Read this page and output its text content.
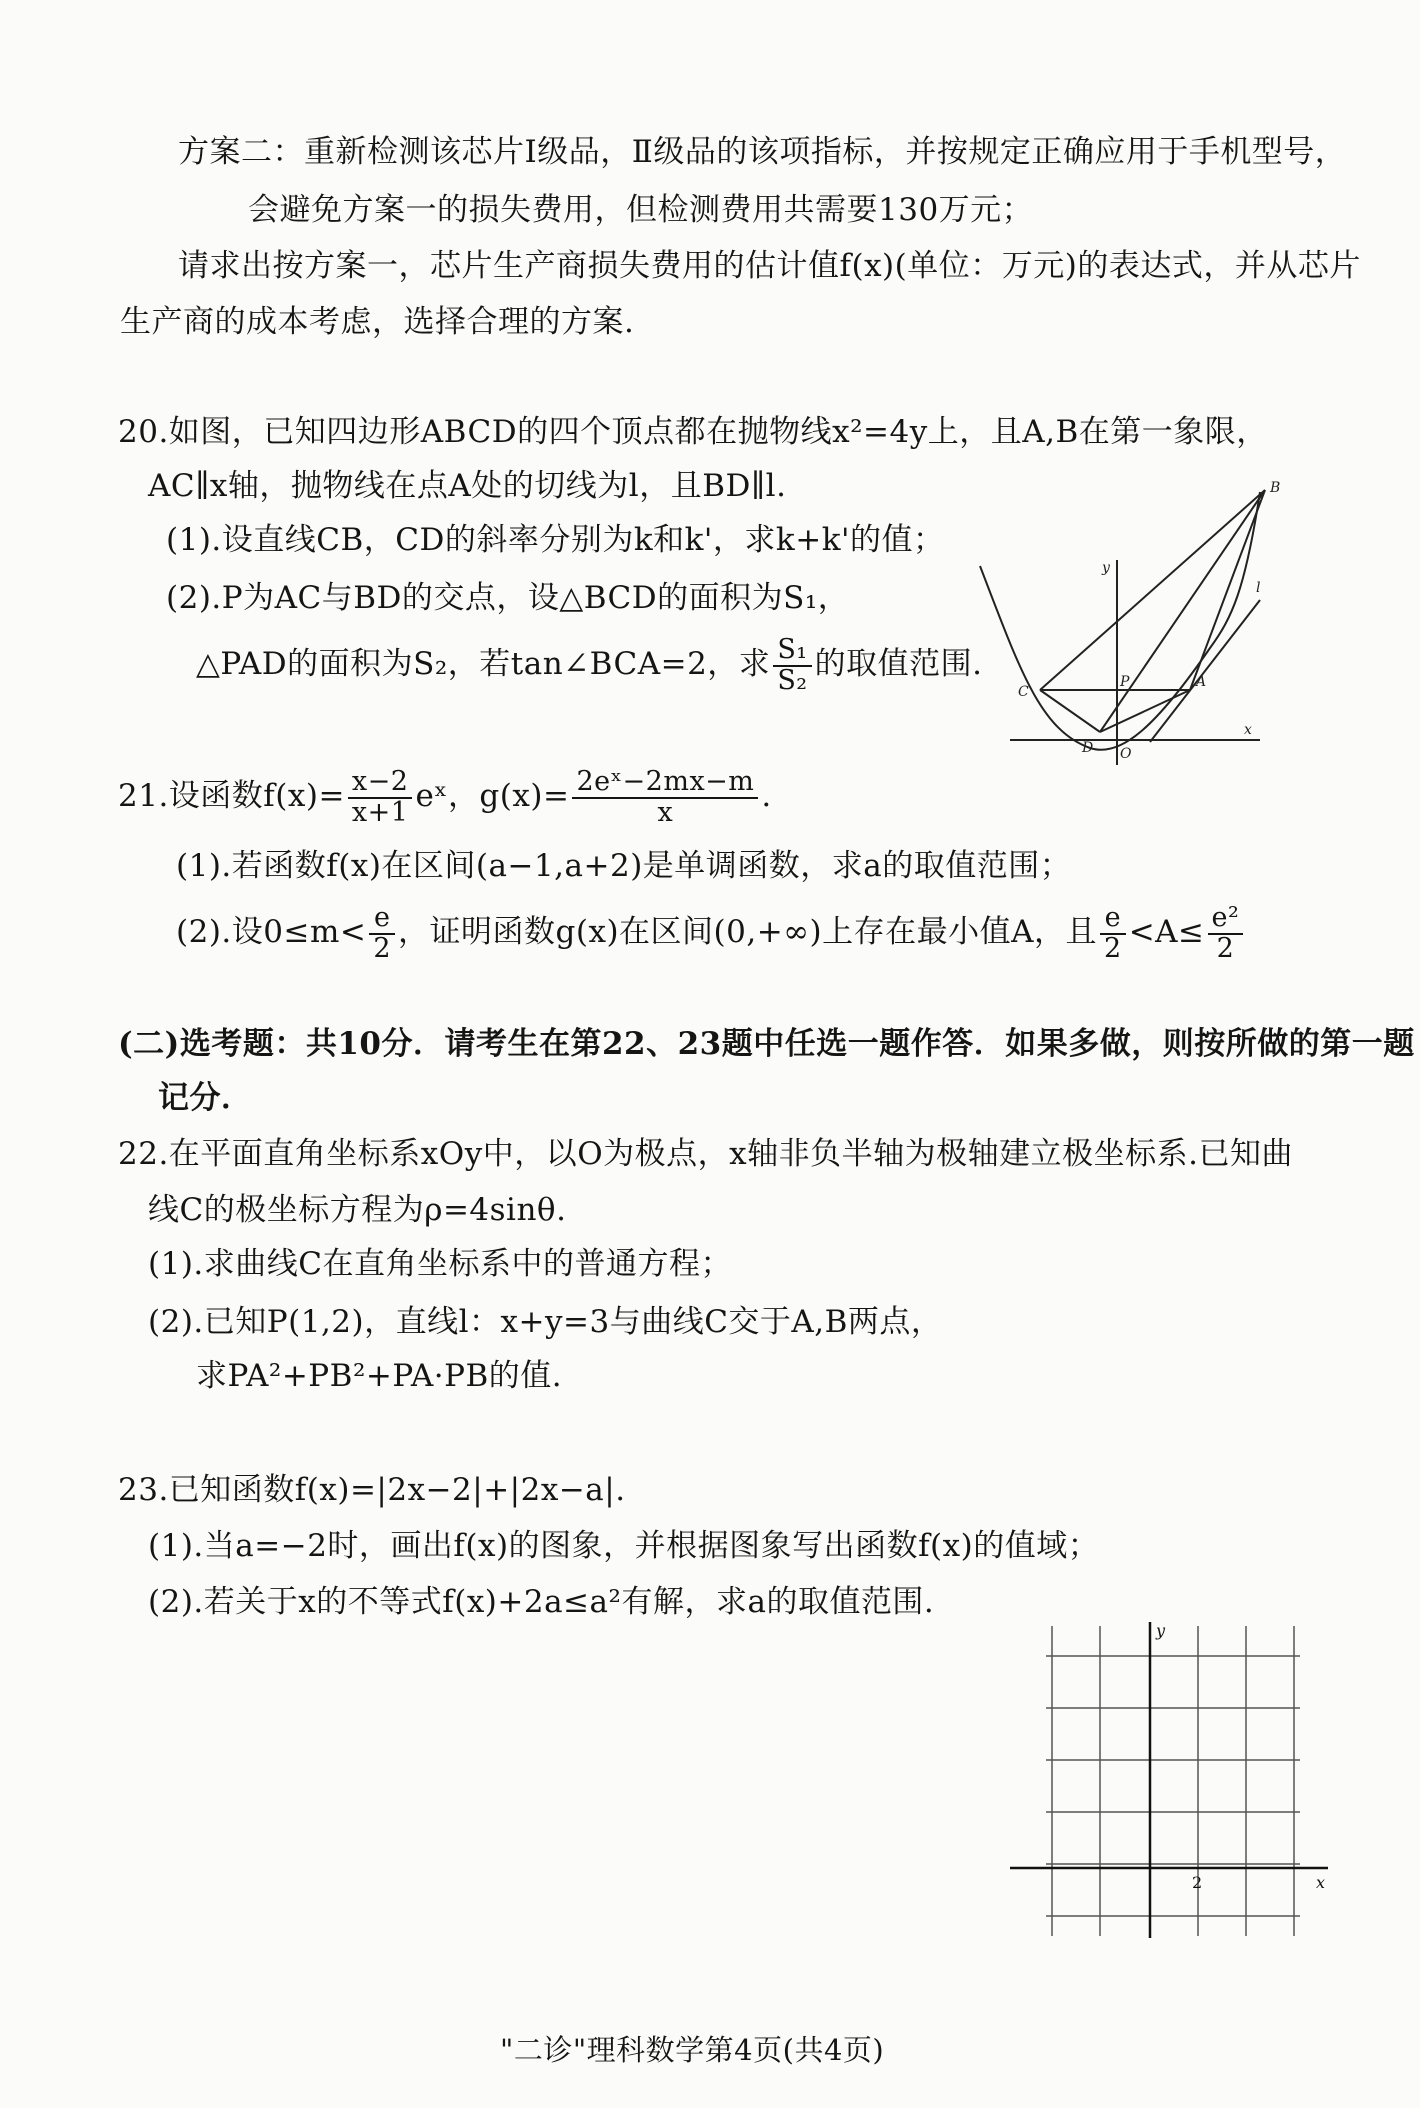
方案二：重新检测该芯片Ⅰ级品，Ⅱ级品的该项指标，并按规定正确应用于手机型号，
会避免方案一的损失费用，但检测费用共需要130万元；
请求出按方案一，芯片生产商损失费用的估计值f(x)(单位：万元)的表达式，并从芯片
生产商的成本考虑，选择合理的方案.
20.如图，已知四边形ABCD的四个顶点都在抛物线x²=4y上，且A,B在第一象限，
AC∥x轴，抛物线在点A处的切线为l，且BD∥l.
(1).设直线CB，CD的斜率分别为k和k'，求k+k'的值；
(2).P为AC与BD的交点，设△BCD的面积为S₁，
△PAD的面积为S₂，若tan∠BCA=2，求 $\frac{\text{S₁}}{\text{S₂}}$ 的取值范围.
B
y
l
C
P	A
D O
x
21.设函数$f(x)= \frac{x-2}{x+1}$ eˣ，$g(x)= \frac{\text{2eˣ−2mx−m}}{x}$ .
(1).若函数f(x)在区间(a−1,a+2)是单调函数，求a的取值范围；
(2).设$0\le m< \frac{e}{2}$ ，证明函数g(x)在区间(0,+∞)上存在最小值A，且 $\frac{e}{2} <A\le \frac{\text{e²}}{2}$
(二)选考题：共10分．请考生在第22、23题中任选一题作答．如果多做，则按所做的第一题
记分．
22.在平面直角坐标系xOy中，以O为极点，x轴非负半轴为极轴建立极坐标系.已知曲
线C的极坐标方程为ρ=4sinθ.
(1).求曲线C在直角坐标系中的普通方程；
(2).已知P(1,2)，直线l：x+y=3与曲线C交于A,B两点，
求PA²+PB²+PA·PB的值.
23.已知函数f(x)=|2x−2|+|2x−a|.
(1).当a=−2时，画出f(x)的图象，并根据图象写出函数f(x)的值域；
(2).若关于x的不等式f(x)+2a≤a²有解，求a的取值范围.
y
2	x
"二诊"理科数学第4页(共4页)
